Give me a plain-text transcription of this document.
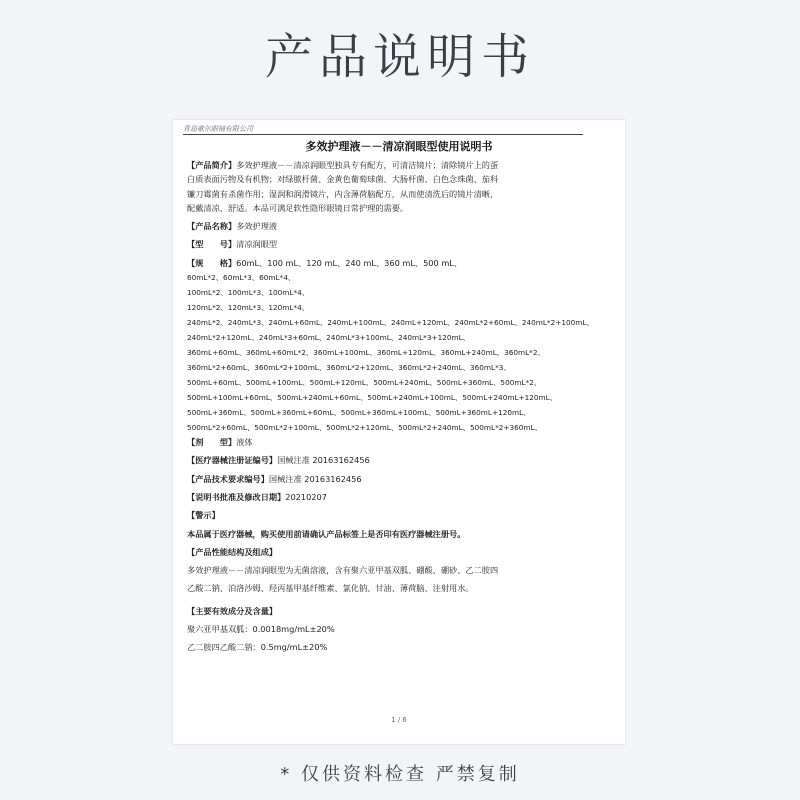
产品说明书
青岛歌尔眼镜有限公司
多效护理液－－清凉润眼型使用说明书
【产品简介】多效护理液－－清凉润眼型独具专有配方，可清洁镜片；清除镜片上的蛋
白质表面污物及有机物；对绿脓杆菌、金黄色葡萄球菌、大肠杆菌、白色念珠菌、茄科
镰刀霉菌有杀菌作用；湿润和润滑镜片，内含薄荷脑配方，从而使清洗后的镜片清晰，
配戴清凉、舒适。本品可满足软性隐形眼镜日常护理的需要。
【产品名称】多效护理液
【型　　号】清凉润眼型
【规　　格】60mL、100 mL、120 mL、240 mL、360 mL、500 mL、
60mL*2、60mL*3、60mL*4、
100mL*2、100mL*3、100mL*4、
120mL*2、120mL*3、120mL*4、
240mL*2、240mL*3、240mL+60mL、240mL+100mL、240mL+120mL、240mL*2+60mL、240mL*2+100mL、
240mL*2+120mL、240mL*3+60mL、240mL*3+100mL、240mL*3+120mL、
360mL+60mL、360mL+60mL*2、360mL+100mL、360mL+120mL、360mL+240mL、360mL*2、
360mL*2+60mL、360mL*2+100mL、360mL*2+120mL、360mL*2+240mL、360mL*3、
500mL+60mL、500mL+100mL、500mL+120mL、500mL+240mL、500mL+360mL、500mL*2、
500mL+100mL+60mL、500mL+240mL+60mL、500mL+240mL+100mL、500mL+240mL+120mL、
500mL+360mL、500mL+360mL+60mL、500mL+360mL+100mL、500mL+360mL+120mL、
500mL*2+60mL、500mL*2+100mL、500mL*2+120mL、500mL*2+240mL、500mL*2+360mL、
【剂　　型】液体
【医疗器械注册证编号】国械注准 20163162456
【产品技术要求编号】国械注准 20163162456
【说明书批准及修改日期】20210207
【警示】
本品属于医疗器械，购买使用前请确认产品标签上是否印有医疗器械注册号。
【产品性能结构及组成】
多效护理液－－清凉润眼型为无菌溶液，含有聚六亚甲基双胍、硼酸、硼砂、乙二胺四
乙酸二钠、泊洛沙姆、羟丙基甲基纤维素、氯化钠、甘油、薄荷脑、注射用水。
【主要有效成分及含量】
聚六亚甲基双胍：0.0018mg/mL±20%
乙二胺四乙酸二钠：0.5mg/mL±20%
1 / 6
* 仅供资料检查 严禁复制
